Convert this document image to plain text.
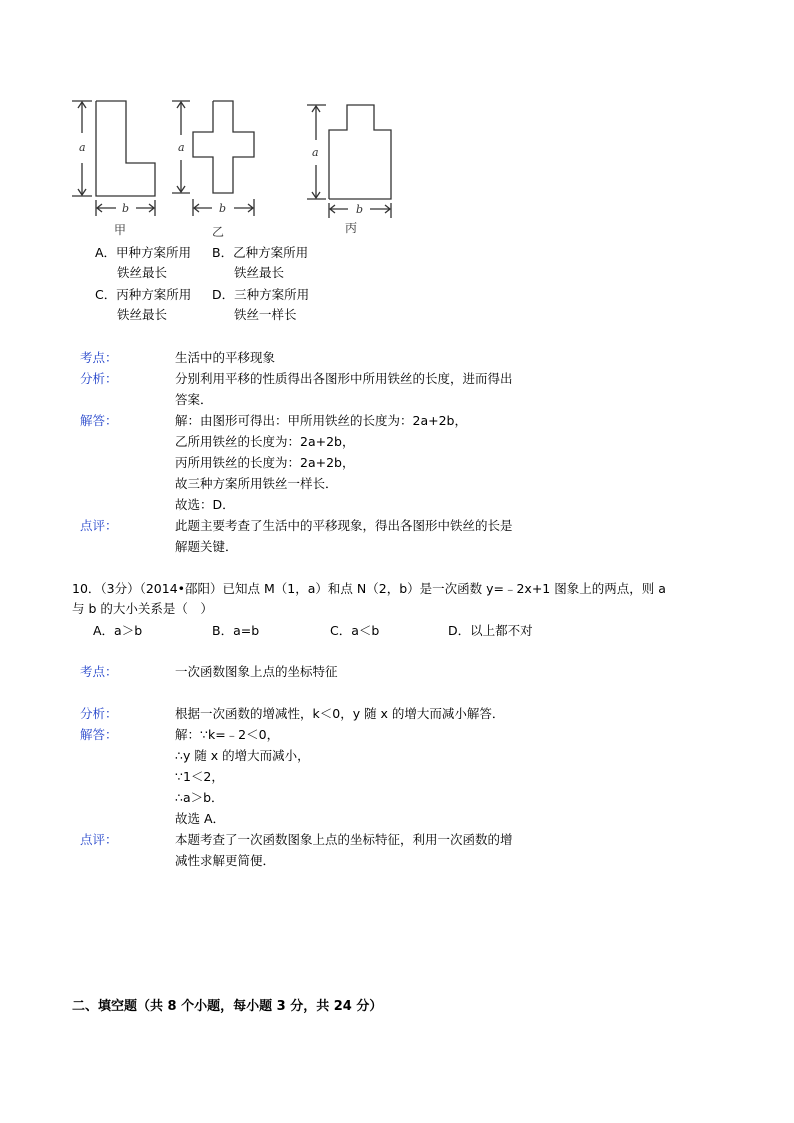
a
b
a
b
a
b
甲	乙	丙
A．甲种方案所用
铁丝最长
B．乙种方案所用
铁丝最长
C．丙种方案所用
铁丝最长
D．三种方案所用
铁丝一样长
考点：	生活中的平移现象
分析：	分别利用平移的性质得出各图形中所用铁丝的长度，进而得出
答案．
解答：	解：由图形可得出：甲所用铁丝的长度为：2a+2b，
乙所用铁丝的长度为：2a+2b，
丙所用铁丝的长度为：2a+2b，
故三种方案所用铁丝一样长．
故选：D．
点评：	此题主要考查了生活中的平移现象，得出各图形中铁丝的长是
解题关键．
10．（3分）（2014•邵阳）已知点 M（1，a）和点 N（2，b）是一次函数 y=﹣2x+1 图象上的两点，则 a
与 b 的大小关系是（　）
A．a＞b	B．a=b	C．a＜b	D．以上都不对
考点：	一次函数图象上点的坐标特征
分析：	根据一次函数的增减性，k＜0，y 随 x 的增大而减小解答．
解答：	解：∵k=﹣2＜0，
∴y 随 x 的增大而减小，
∵1＜2，
∴a＞b．
故选 A．
点评：	本题考查了一次函数图象上点的坐标特征，利用一次函数的增
减性求解更简便．
二、填空题（共 8 个小题，每小题 3 分，共 24 分）
